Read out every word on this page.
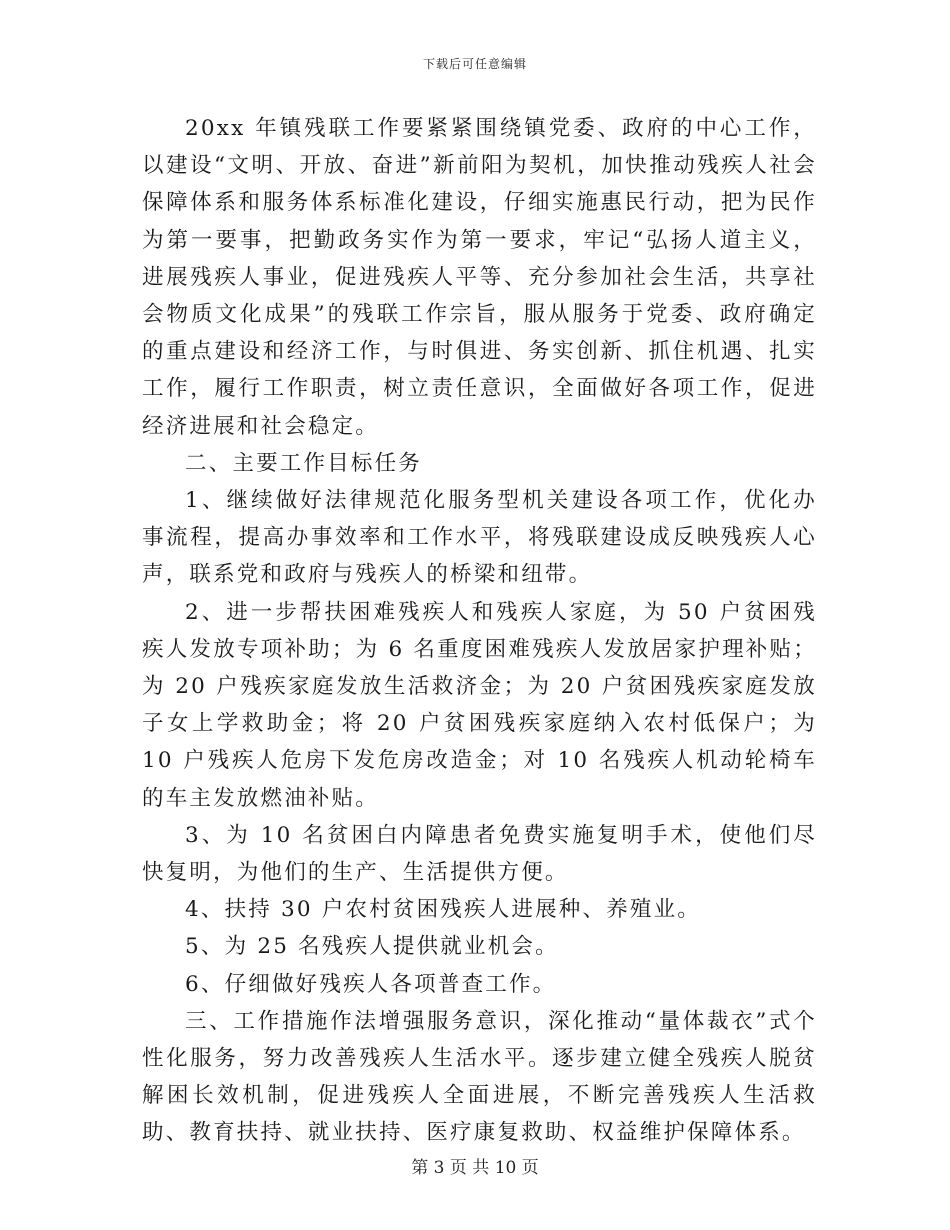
下载后可任意编辑

20xx 年镇残联工作要紧紧围绕镇党委、政府的中心工作，以建设“文明、开放、奋进”新前阳为契机，加快推动残疾人社会保障体系和服务体系标准化建设，仔细实施惠民行动，把为民作为第一要事，把勤政务实作为第一要求，牢记“弘扬人道主义，进展残疾人事业，促进残疾人平等、充分参加社会生活，共享社会物质文化成果”的残联工作宗旨，服从服务于党委、政府确定的重点建设和经济工作，与时俱进、务实创新、抓住机遇、扎实工作，履行工作职责，树立责任意识，全面做好各项工作，促进经济进展和社会稳定。

二、主要工作目标任务

1、继续做好法律规范化服务型机关建设各项工作，优化办事流程，提高办事效率和工作水平，将残联建设成反映残疾人心声，联系党和政府与残疾人的桥梁和纽带。

2、进一步帮扶困难残疾人和残疾人家庭，为 50 户贫困残疾人发放专项补助；为 6 名重度困难残疾人发放居家护理补贴；为 20 户残疾家庭发放生活救济金；为 20 户贫困残疾家庭发放子女上学救助金；将 20 户贫困残疾家庭纳入农村低保户；为 10 户残疾人危房下发危房改造金；对 10 名残疾人机动轮椅车的车主发放燃油补贴。

3、为 10 名贫困白内障患者免费实施复明手术，使他们尽快复明，为他们的生产、生活提供方便。

4、扶持 30 户农村贫困残疾人进展种、养殖业。

5、为 25 名残疾人提供就业机会。

6、仔细做好残疾人各项普查工作。

三、工作措施作法增强服务意识，深化推动“量体裁衣”式个性化服务，努力改善残疾人生活水平。逐步建立健全残疾人脱贫解困长效机制，促进残疾人全面进展，不断完善残疾人生活救助、教育扶持、就业扶持、医疗康复救助、权益维护保障体系。

第 3 页 共 10 页
